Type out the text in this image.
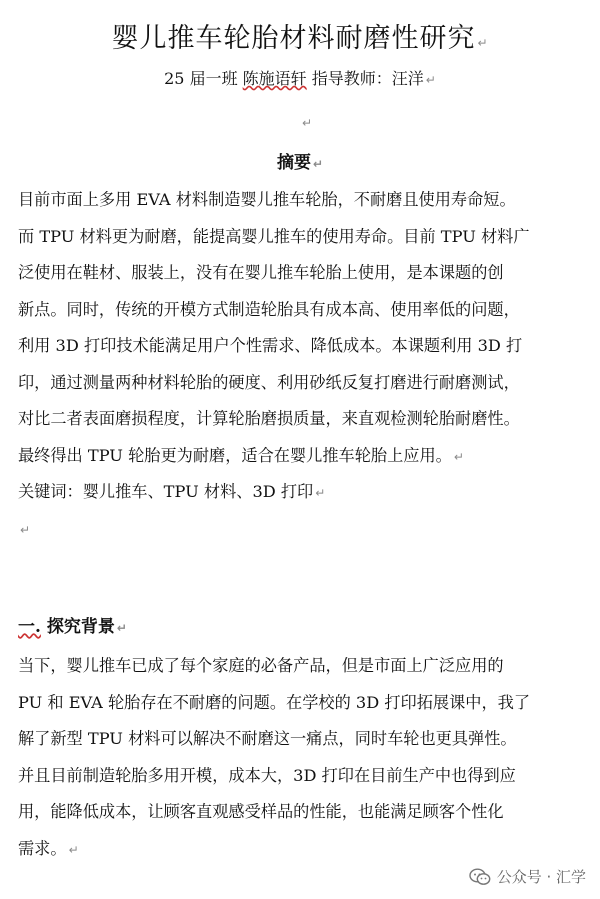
婴儿推车轮胎材料耐磨性研究 ↵
25 届一班 陈施语轩 指导教师：汪洋 ↵
↵
摘要 ↵
目前市面上多用 EVA 材料制造婴儿推车轮胎，不耐磨且使用寿命短。
而 TPU 材料更为耐磨，能提高婴儿推车的使用寿命。目前 TPU 材料广
泛使用在鞋材、服装上，没有在婴儿推车轮胎上使用，是本课题的创
新点。同时，传统的开模方式制造轮胎具有成本高、使用率低的问题，
利用 3D 打印技术能满足用户个性需求、降低成本。本课题利用 3D 打
印，通过测量两种材料轮胎的硬度、利用砂纸反复打磨进行耐磨测试，
对比二者表面磨损程度，计算轮胎磨损质量，来直观检测轮胎耐磨性。
最终得出 TPU 轮胎更为耐磨，适合在婴儿推车轮胎上应用。 ↵
关键词：婴儿推车、TPU 材料、3D 打印 ↵
↵
一. 探究背景 ↵
当下，婴儿推车已成了每个家庭的必备产品，但是市面上广泛应用的
PU 和 EVA 轮胎存在不耐磨的问题。在学校的 3D 打印拓展课中，我了
解了新型 TPU 材料可以解决不耐磨这一痛点，同时车轮也更具弹性。
并且目前制造轮胎多用开模，成本大，3D 打印在目前生产中也得到应
用，能降低成本，让顾客直观感受样品的性能，也能满足顾客个性化
需求。 ↵
公众号 · 汇学
